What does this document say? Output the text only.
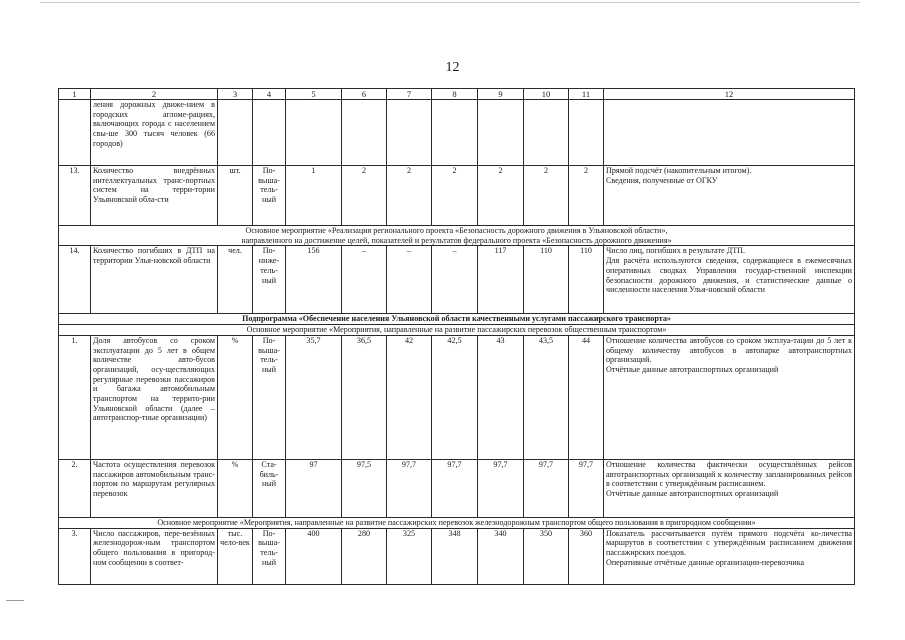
12
1	2	3	4	5	6	7	8	9	10	11	12
	ления дорожных движе-нием в городских агломе-рациях, включающих города с населением свы-ше 300 тысяч человек (66 городов)										
13.	Количество внедрённых интеллектуальных транс-портных систем на терри-тории Ульяновской обла-сти	шт.	По-выша-тель-ный	1	2	2	2	2	2	2	Прямой подсчёт (накопительным итогом).
Сведения, полученные от ОГКУ

Основное мероприятие «Реализация регионального проекта «Безопасность дорожного движения в Ульяновской области»,
направленного на достижение целей, показателей и результатов федерального проекта «Безопасность дорожного движения»											

14.	Количество погибших в ДТП на территории Улья-новской области	чел.	По-ниже-тель-ный	156	–	–	–	117	110	110	Число лиц, погибших в результате ДТП.
Для расчёта используются сведения, содержащиеся в ежемесячных оперативных сводках Управления государ-ственной инспекции безопасности дорожного движения, и статистические данные о численности населения Улья-новской области

Подпрограмма «Обеспечение населения Ульяновской области качественными услугами пассажирского транспорта»											
Основное мероприятие «Мероприятия, направленные на развитие пассажирских перевозок общественным транспортом»											
1.	Доля автобусов со сроком эксплуатации до 5 лет в общем количестве авто-бусов организаций, осу-ществляющих регулярные перевозки пассажиров и багажа автомобильным транспортом на террито-рии Ульяновской области (далее – автотранспор-тные организации)	%	По-выша-тель-ный	35,7	36,5	42	42,5	43	43,5	44	Отношение количества автобусов со сроком эксплуа-тации до 5 лет к общему количеству автобусов в автопарке автотранспортных организаций.
Отчётные данные автотранспортных организаций

2.	Частота осуществления перевозок пассажиров автомобильным транс-портом по маршрутам регулярных перевозок	%	Ста-биль-ный	97	97,5	97,7	97,7	97,7	97,7	97,7	Отношение количества фактически осуществлённых рейсов автотранспортных организаций к количеству запланированных рейсов в соответствии с утверждённым расписанием.
Отчётные данные автотранспортных организаций

Основное мероприятие «Мероприятия, направленные на развитие пассажирских перевозок железнодорожным транспортом общего пользования в пригородном сообщении»											
3.	Число пассажиров, пере-везённых железнодорож-ным транспортом общего пользования в пригород-ном сообщении в соответ-	тыс. чело-век	По-выша-тель-ный	400	280	325	348	340	350	360	Показатель рассчитывается путём прямого подсчёта ко-личества маршрутов в соответствии с утверждённым расписанием движения пассажирских поездов.
Оперативные отчётные данные организации-перевозчика
